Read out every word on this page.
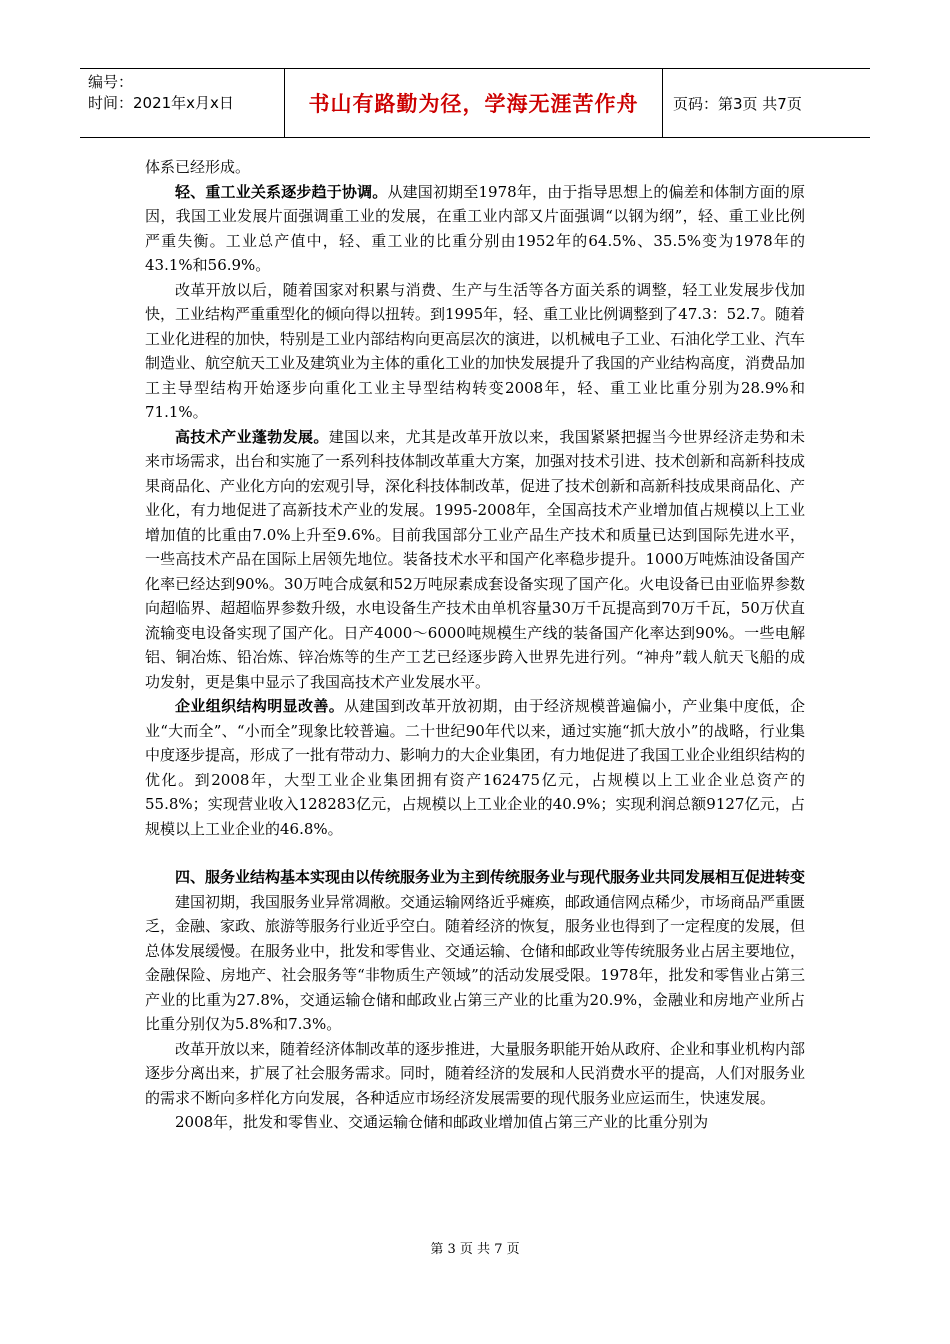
编号：
时间：2021年x月x日	书山有路勤为径，学海无涯苦作舟	页码：第3页 共7页

体系已经形成。

轻、重工业关系逐步趋于协调。从建国初期至1978年，由于指导思想上的偏差和体制方面的原因，我国工业发展片面强调重工业的发展，在重工业内部又片面强调“以钢为纲”，轻、重工业比例严重失衡。工业总产值中，轻、重工业的比重分别由1952年的64.5%、35.5%变为1978年的43.1%和56.9%。

改革开放以后，随着国家对积累与消费、生产与生活等各方面关系的调整，轻工业发展步伐加快，工业结构严重重型化的倾向得以扭转。到1995年，轻、重工业比例调整到了47.3：52.7。随着工业化进程的加快，特别是工业内部结构向更高层次的演进，以机械电子工业、石油化学工业、汽车制造业、航空航天工业及建筑业为主体的重化工业的加快发展提升了我国的产业结构高度，消费品加工主导型结构开始逐步向重化工业主导型结构转变2008年，轻、重工业比重分别为28.9%和71.1%。

高技术产业蓬勃发展。建国以来，尤其是改革开放以来，我国紧紧把握当今世界经济走势和未来市场需求，出台和实施了一系列科技体制改革重大方案，加强对技术引进、技术创新和高新科技成果商品化、产业化方向的宏观引导，深化科技体制改革，促进了技术创新和高新科技成果商品化、产业化，有力地促进了高新技术产业的发展。1995-2008年，全国高技术产业增加值占规模以上工业增加值的比重由7.0%上升至9.6%。目前我国部分工业产品生产技术和质量已达到国际先进水平，一些高技术产品在国际上居领先地位。装备技术水平和国产化率稳步提升。1000万吨炼油设备国产化率已经达到90%。30万吨合成氨和52万吨尿素成套设备实现了国产化。火电设备已由亚临界参数向超临界、超超临界参数升级，水电设备生产技术由单机容量30万千瓦提高到70万千瓦，50万伏直流输变电设备实现了国产化。日产4000～6000吨规模生产线的装备国产化率达到90%。一些电解铝、铜冶炼、铅冶炼、锌冶炼等的生产工艺已经逐步跨入世界先进行列。“神舟”载人航天飞船的成功发射，更是集中显示了我国高技术产业发展水平。

企业组织结构明显改善。从建国到改革开放初期，由于经济规模普遍偏小，产业集中度低，企业“大而全”、“小而全”现象比较普遍。二十世纪90年代以来，通过实施“抓大放小”的战略，行业集中度逐步提高，形成了一批有带动力、影响力的大企业集团，有力地促进了我国工业企业组织结构的优化。到2008年，大型工业企业集团拥有资产162475亿元，占规模以上工业企业总资产的55.8%；实现营业收入128283亿元，占规模以上工业企业的40.9%；实现利润总额9127亿元，占规模以上工业企业的46.8%。

四、服务业结构基本实现由以传统服务业为主到传统服务业与现代服务业共同发展相互促进转变

建国初期，我国服务业异常凋敝。交通运输网络近乎瘫痪，邮政通信网点稀少，市场商品严重匮乏，金融、家政、旅游等服务行业近乎空白。随着经济的恢复，服务业也得到了一定程度的发展，但总体发展缓慢。在服务业中，批发和零售业、交通运输、仓储和邮政业等传统服务业占居主要地位，金融保险、房地产、社会服务等“非物质生产领域”的活动发展受限。1978年，批发和零售业占第三产业的比重为27.8%，交通运输仓储和邮政业占第三产业的比重为20.9%，金融业和房地产业所占比重分别仅为5.8%和7.3%。

改革开放以来，随着经济体制改革的逐步推进，大量服务职能开始从政府、企业和事业机构内部逐步分离出来，扩展了社会服务需求。同时，随着经济的发展和人民消费水平的提高，人们对服务业的需求不断向多样化方向发展，各种适应市场经济发展需要的现代服务业应运而生，快速发展。

2008年，批发和零售业、交通运输仓储和邮政业增加值占第三产业的比重分别为

第 3 页 共 7 页
